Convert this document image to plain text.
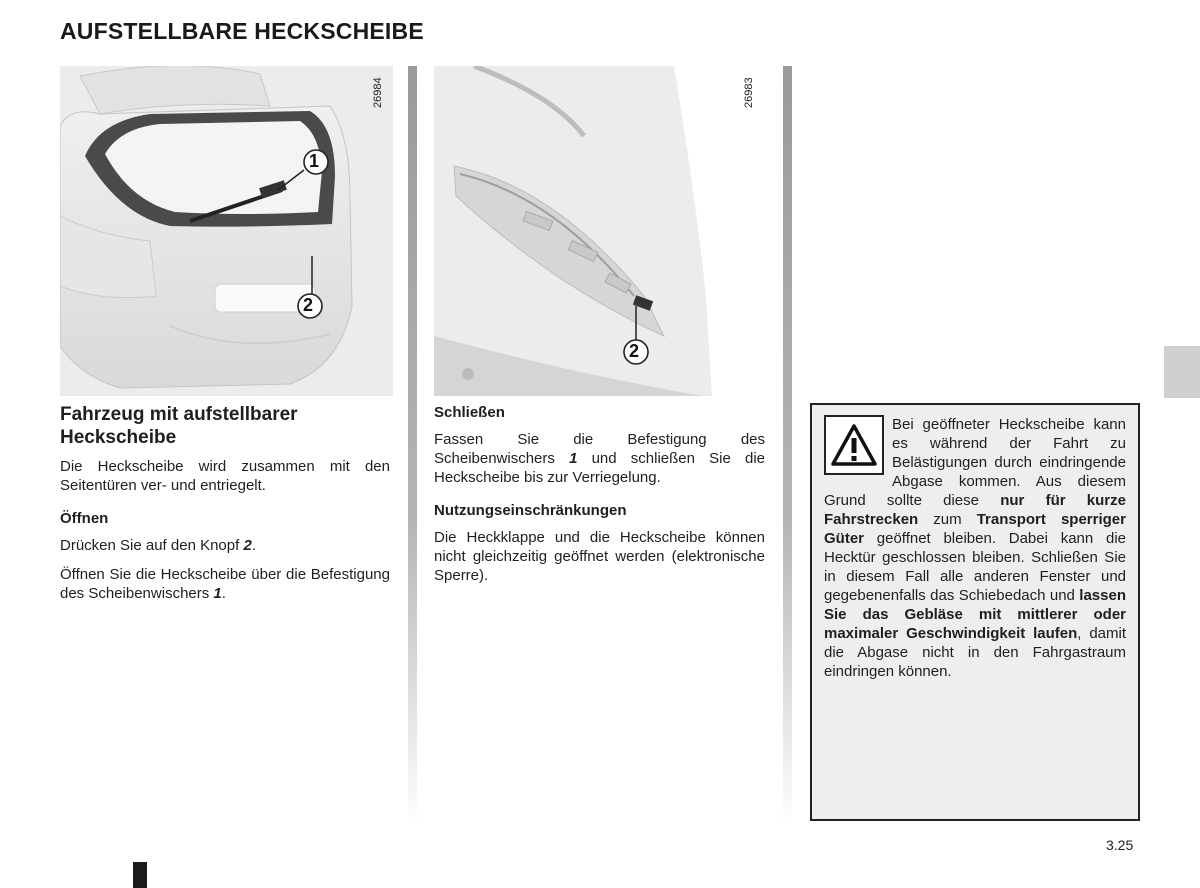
AUFSTELLBARE HECKSCHEIBE
1
2
26984
2
26983
Fahrzeug mit aufstellbarer Heckscheibe

Die Heckscheibe wird zusammen mit den Seitentüren ver- und entriegelt.

Öffnen

Drücken Sie auf den Knopf 2.

Öffnen Sie die Heckscheibe über die Befestigung des Scheibenwischers 1.

Schließen

Fassen Sie die Befestigung des Scheibenwischers 1 und schließen Sie die Heckscheibe bis zur Verriegelung.

Nutzungseinschränkungen

Die Heckklappe und die Heckscheibe können nicht gleichzeitig geöffnet werden (elektronische Sperre).

Bei geöffneter Heckscheibe kann es während der Fahrt zu Belästigungen durch eindringende Abgase kommen. Aus diesem Grund sollte diese nur für kurze Fahrstrecken zum Transport sperriger Güter geöffnet bleiben. Dabei kann die Hecktür geschlossen bleiben. Schließen Sie in diesem Fall alle anderen Fenster und gegebenenfalls das Schiebedach und lassen Sie das Gebläse mit mittlerer oder maximaler Geschwindigkeit laufen, damit die Abgase nicht in den Fahrgastraum eindringen können.
3.25
